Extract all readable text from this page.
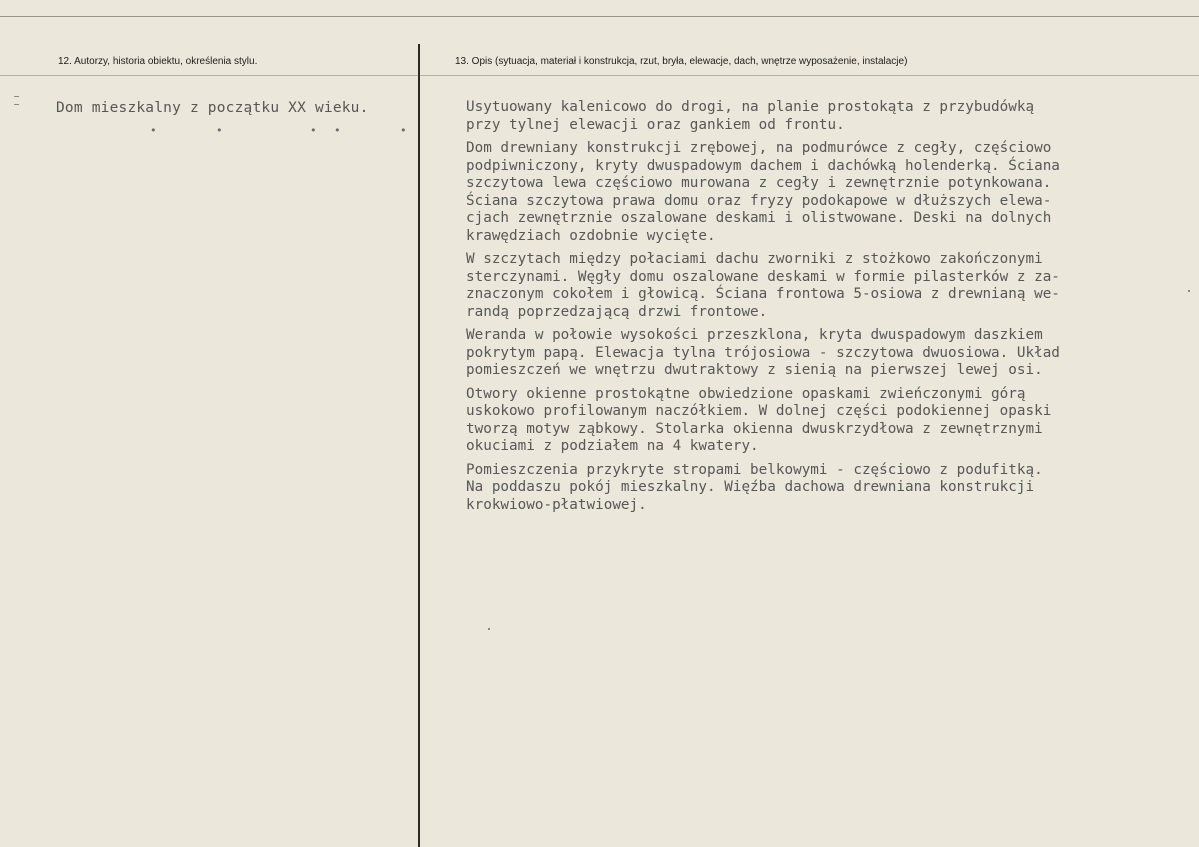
12. Autorzy, historia obiektu, określenia stylu.	13. Opis (sytuacja, materiał i konstrukcja, rzut, bryła, elewacje, dach, wnętrze wyposażenie, instalacje)
Dom mieszkalny z początku XX wieku.
•	•	• •	•
Usytuowany kalenicowo do drogi, na planie prostokąta z przybudówką
przy tylnej elewacji oraz gankiem od frontu.
Dom drewniany konstrukcji zrębowej, na podmurówce z cegły, częściowo
podpiwniczony, kryty dwuspadowym dachem i dachówką holenderką. Ściana
szczytowa lewa częściowo murowana z cegły i zewnętrznie potynkowana.
Ściana szczytowa prawa domu oraz fryzy podokapowe w dłuższych elewa-
cjach zewnętrznie oszalowane deskami i olistwowane. Deski na dolnych
krawędziach ozdobnie wycięte.
W szczytach między połaciami dachu zworniki z stożkowo zakończonymi
sterczynami. Węgły domu oszalowane deskami w formie pilasterków z za-
znaczonym cokołem i głowicą. Ściana frontowa 5-osiowa z drewnianą we-
randą poprzedzającą drzwi frontowe.
Weranda w połowie wysokości przeszklona, kryta dwuspadowym daszkiem
pokrytym papą. Elewacja tylna trójosiowa - szczytowa dwuosiowa. Układ
pomieszczeń we wnętrzu dwutraktowy z sienią na pierwszej lewej osi.
Otwory okienne prostokątne obwiedzione opaskami zwieńczonymi górą
uskokowo profilowanym naczółkiem. W dolnej części podokiennej opaski
tworzą motyw ząbkowy. Stolarka okienna dwuskrzydłowa z zewnętrznymi
okuciami z podziałem na 4 kwatery.
Pomieszczenia przykryte stropami belkowymi - częściowo z podufitką.
Na poddaszu pokój mieszkalny. Więźba dachowa drewniana konstrukcji
krokwiowo-płatwiowej.
